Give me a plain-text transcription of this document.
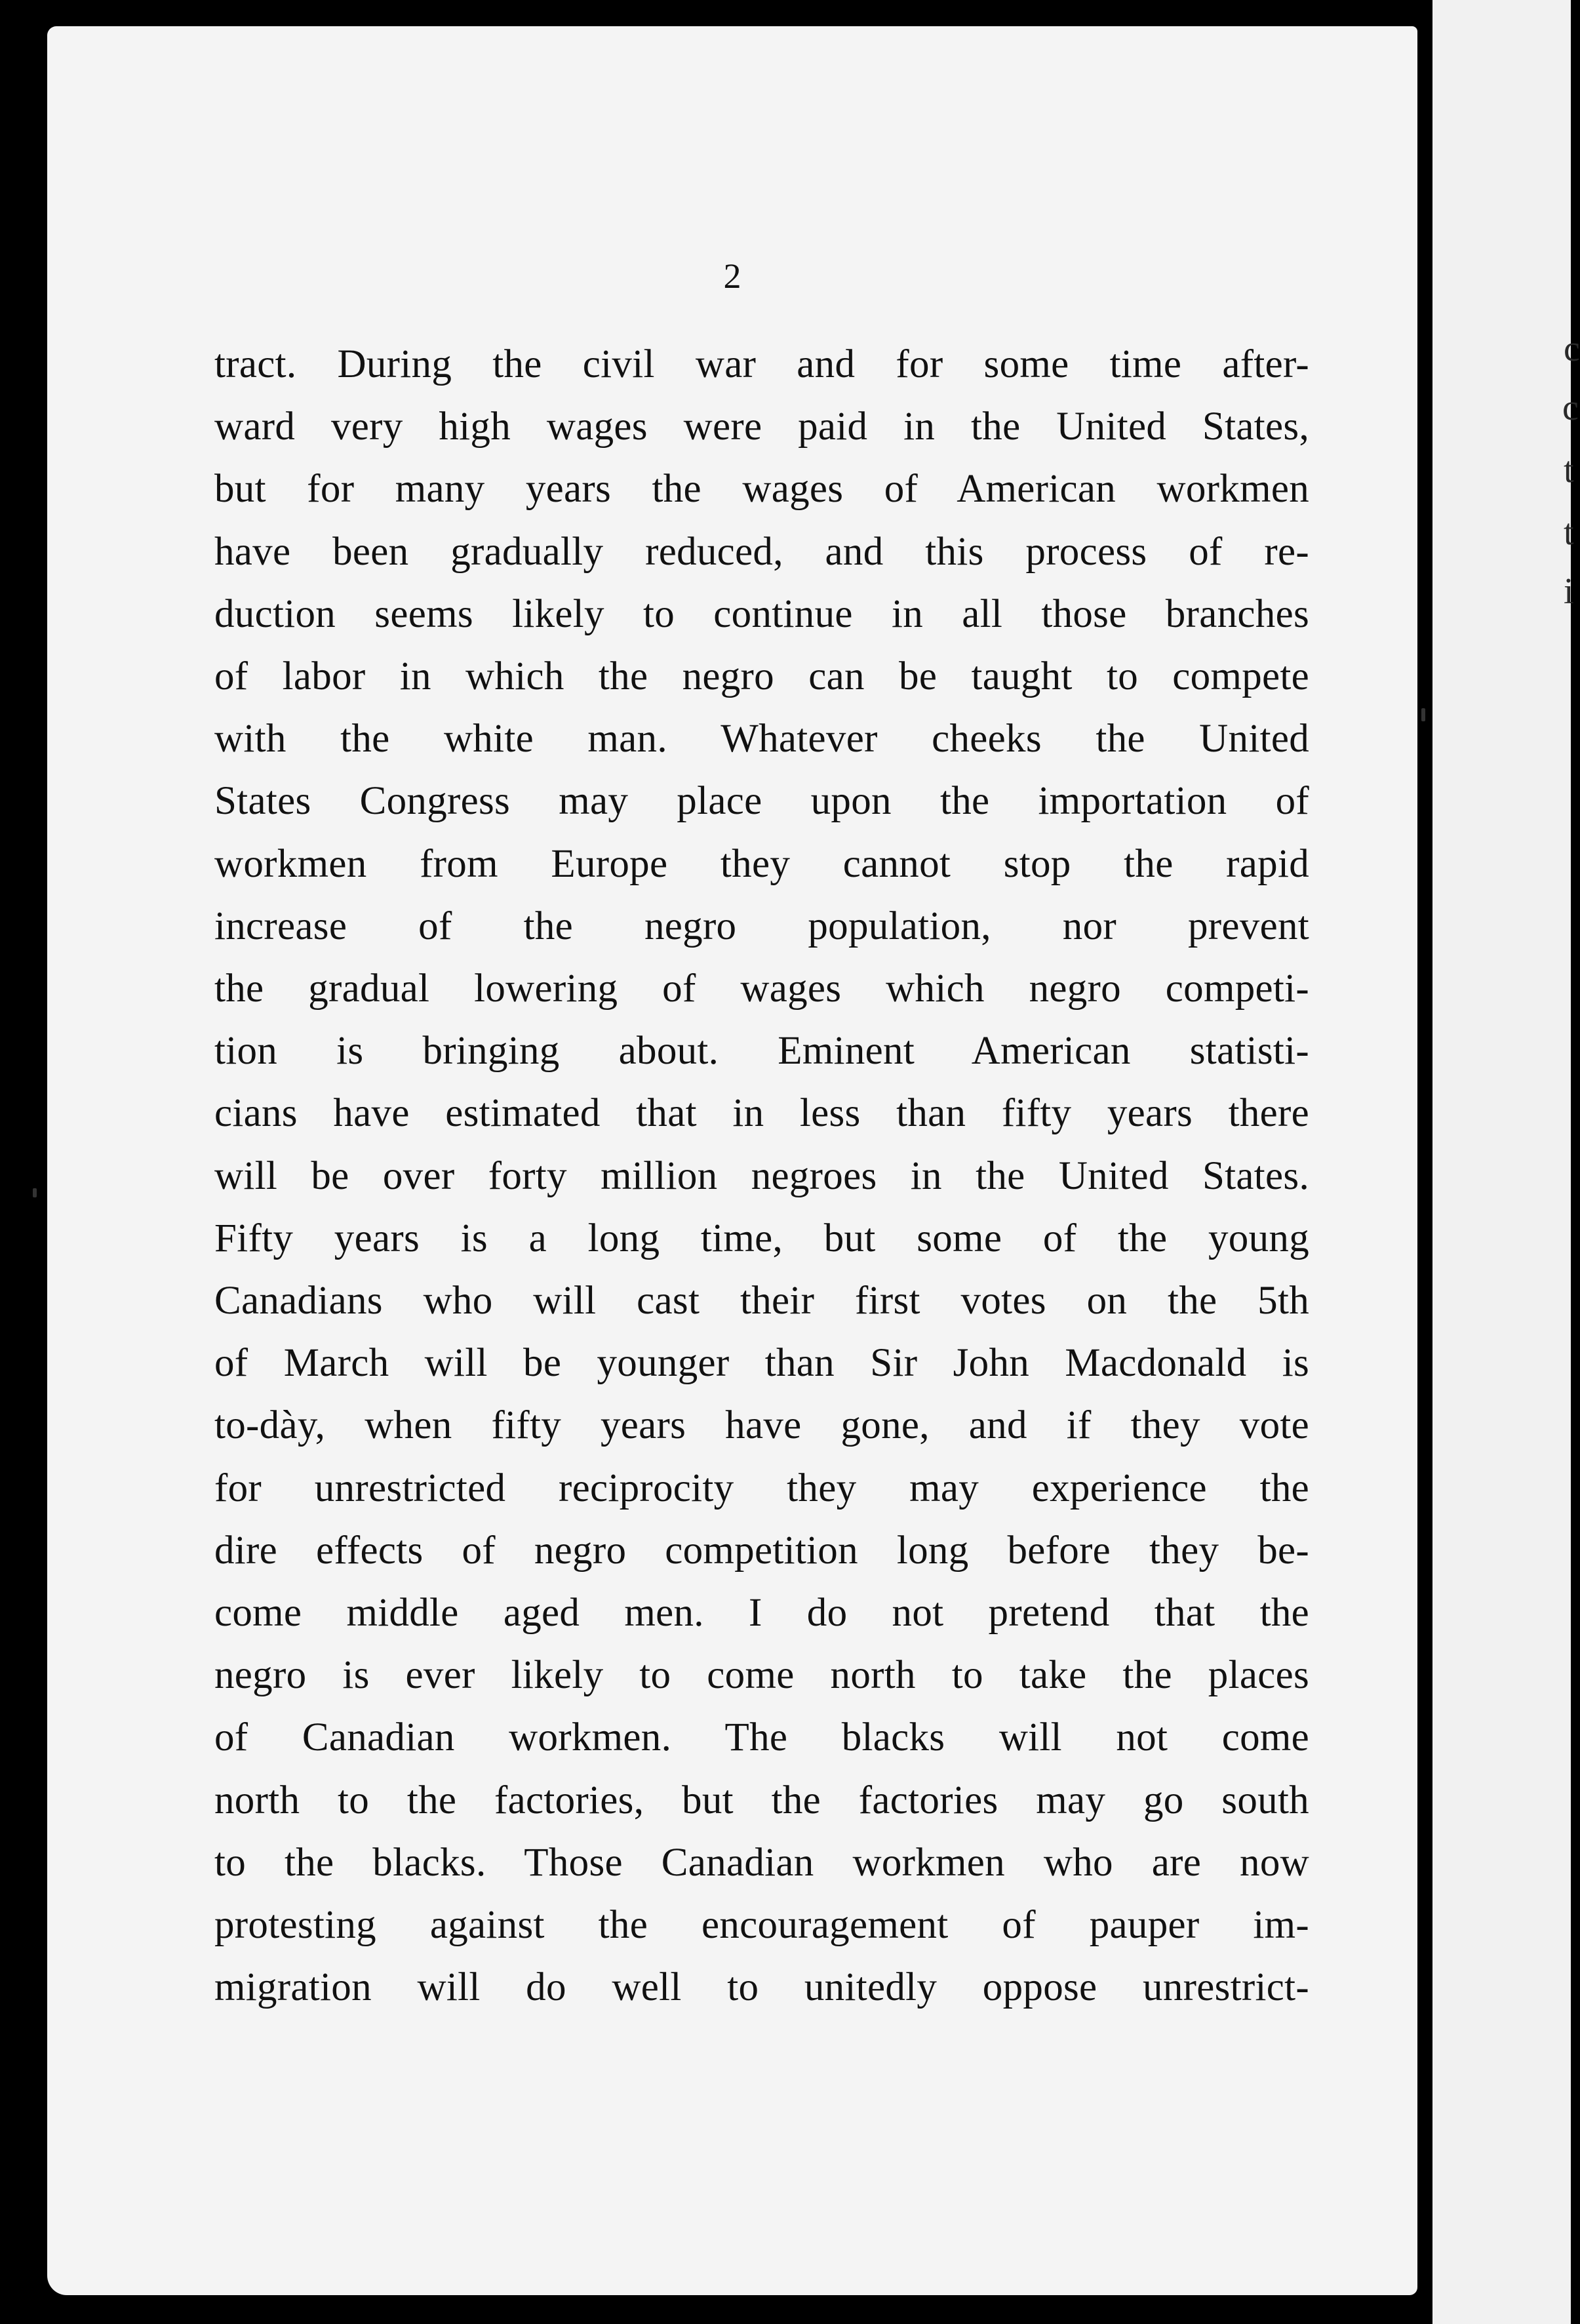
2
tract. During the civil war and for some time after-
ward very high wages were paid in the United States,
but for many years the wages of American workmen
have been gradually reduced, and this process of re-
duction seems likely to continue in all those branches
of labor in which the negro can be taught to compete
with the white man. Whatever cheeks the United
States Congress may place upon the importation of
workmen from Europe they cannot stop the rapid
increase of the negro population, nor prevent
the gradual lowering of wages which negro competi-
tion is bringing about. Eminent American statisti-
cians have estimated that in less than fifty years there
will be over forty million negroes in the United States.
Fifty years is a long time, but some of the young
Canadians who will cast their first votes on the 5th
of March will be younger than Sir John Macdonald is
to-dày, when fifty years have gone, and if they vote
for unrestricted reciprocity they may experience the
dire effects of negro competition long before they be-
come middle aged men. I do not pretend that the
negro is ever likely to come north to take the places
of Canadian workmen. The blacks will not come
north to the factories, but the factories may go south
to the blacks. Those Canadian workmen who are now
protesting against the encouragement of pauper im-
migration will do well to unitedly oppose unrestrict-
c
c
t
t
i
